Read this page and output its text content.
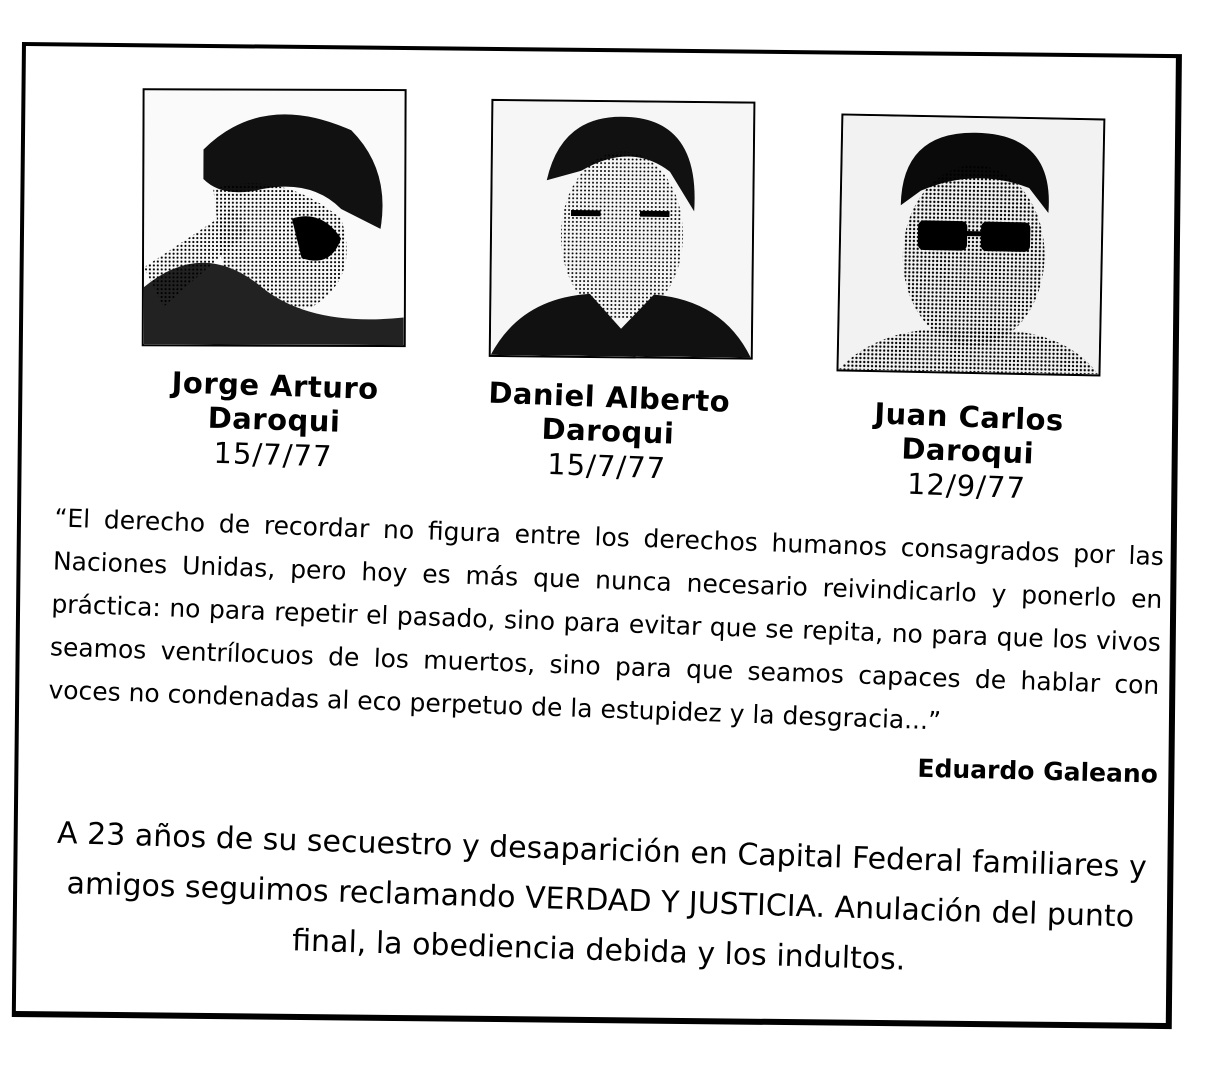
Jorge Arturo
Daroqui
15/7/77
Daniel Alberto
Daroqui
15/7/77
Juan Carlos
Daroqui
12/9/77
“El derecho de recordar no figura entre los derechos humanos consagrados por las Naciones Unidas, pero hoy es más que nunca necesario reivindicarlo y ponerlo en práctica: no para repetir el pasado, sino para evitar que se repita, no para que los vivos seamos ventrílocuos de los muertos, sino para que seamos capaces de hablar con voces no condenadas al eco perpetuo de la estupidez y la desgracia...”
Eduardo Galeano
A 23 años de su secuestro y desaparición en Capital Federal familiares y amigos seguimos reclamando VERDAD Y JUSTICIA. Anulación del punto final, la obediencia debida y los indultos.
